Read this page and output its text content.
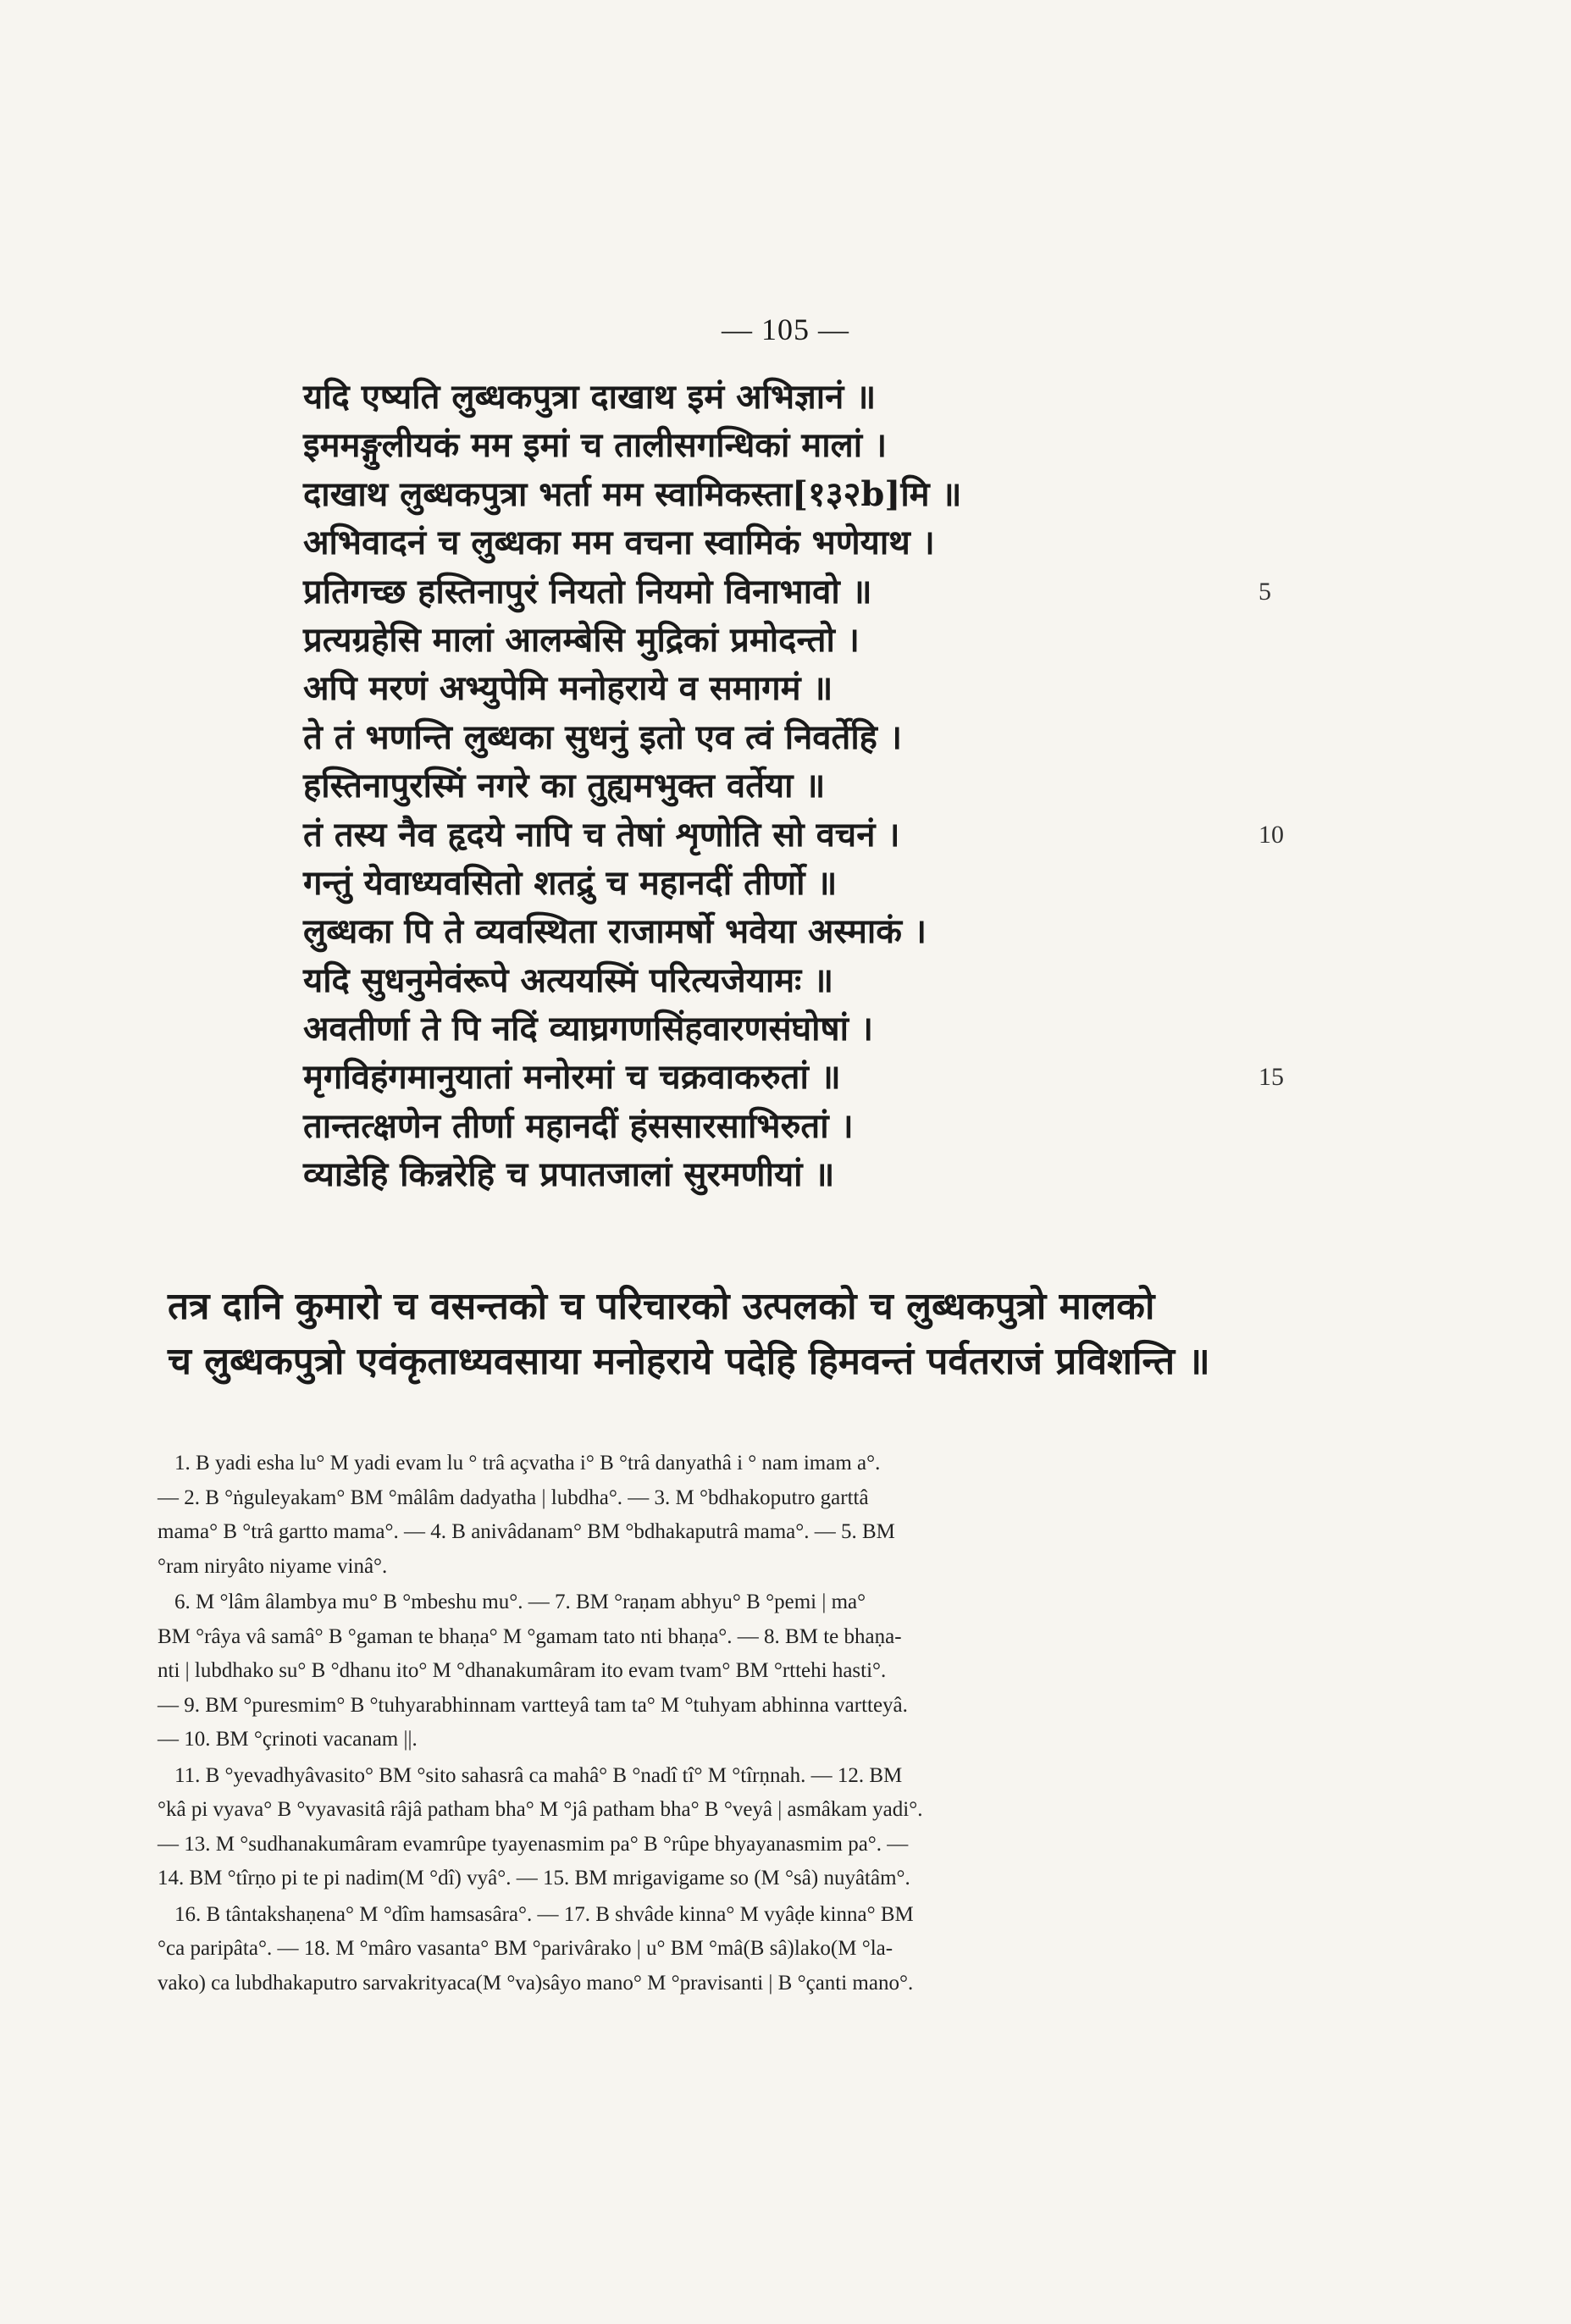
— 105 —
यदि एष्यति लुब्धकपुत्रा दाखाथ इमं अभिज्ञानं ॥
इममङ्गुलीयकं मम इमां च तालीसगन्धिकां मालां ।
दाखाथ लुब्धकपुत्रा भर्ता मम स्वामिकस्ता[१३२b]मि ॥
अभिवादनं च लुब्धका मम वचना स्वामिकं भणेयाथ ।
प्रतिगच्छ हस्तिनापुरं नियतो नियमो विनाभावो ॥	5
प्रत्यग्रहेसि मालां आलम्बेसि मुद्रिकां प्रमोदन्तो ।
अपि मरणं अभ्युपेमि मनोहराये व समागमं ॥
ते तं भणन्ति लुब्धका सुधनुं इतो एव त्वं निवर्तेहि ।
हस्तिनापुरस्मिं नगरे का तुह्यमभुक्त वर्तेया ॥
तं तस्य नैव हृदये नापि च तेषां शृणोति सो वचनं ।	10
गन्तुं येवाध्यवसितो शतद्रुं च महानदीं तीर्णो ॥
लुब्धका पि ते व्यवस्थिता राजामर्षो भवेया अस्माकं ।
यदि सुधनुमेवंरूपे अत्ययस्मिं परित्यजेयामः ॥
अवतीर्णा ते पि नदिं व्याघ्रगणसिंहवारणसंघोषां ।
मृगविहंगमानुयातां मनोरमां च चक्रवाकरुतां ॥	15
तान्तत्क्षणेन तीर्णा महानदीं हंससारसाभिरुतां ।
व्याडेहि किन्नरेहि च प्रपातजालां सुरमणीयां ॥
तत्र दानि कुमारो च वसन्तको च परिचारको उत्पलको च लुब्धकपुत्रो मालको
च लुब्धकपुत्रो एवंकृताध्यवसाया मनोहराये पदेहि हिमवन्तं पर्वतराजं प्रविशन्ति ॥
1. B yadi esha lu° M yadi evam lu ° trâ açvatha i° B °trâ danyathâ i ° nam imam a°.
— 2. B °ṅguleyakam° BM °mâlâm dadyatha | lubdha°. — 3. M °bdhakoputro garttâ
mama° B °trâ gartto mama°. — 4. B anivâdanam° BM °bdhakaputrâ mama°. — 5. BM
°ram niryâto niyame vinâ°.
6. M °lâm âlambya mu° B °mbeshu mu°. — 7. BM °raṇam abhyu° B °pemi | ma°
BM °râya vâ samâ° B °gaman te bhaṇa° M °gamam tato nti bhaṇa°. — 8. BM te bhaṇa-
nti | lubdhako su° B °dhanu ito° M °dhanakumâram ito evam tvam° BM °rttehi hasti°.
— 9. BM °puresmim° B °tuhyarabhinnam vartteyâ tam ta° M °tuhyam abhinna vartteyâ.
— 10. BM °çrinoti vacanam ||.
11. B °yevadhyâvasito° BM °sito sahasrâ ca mahâ° B °nadî tî° M °tîrṇnah. — 12. BM
°kâ pi vyava° B °vyavasitâ râjâ patham bha° M °jâ patham bha° B °veyâ | asmâkam yadi°.
— 13. M °sudhanakumâram evamrûpe tyayenasmim pa° B °rûpe bhyayanasmim pa°. —
14. BM °tîrṇo pi te pi nadim(M °dî) vyâ°. — 15. BM mrigavigame so (M °sâ) nuyâtâm°.
16. B tântakshaṇena° M °dîm hamsasâra°. — 17. B shvâde kinna° M vyâḍe kinna° BM
°ca paripâta°. — 18. M °mâro vasanta° BM °parivârako | u° BM °mâ(B sâ)lako(M °la-
vako) ca lubdhakaputro sarvakrityaca(M °va)sâyo mano° M °pravisanti | B °çanti mano°.
